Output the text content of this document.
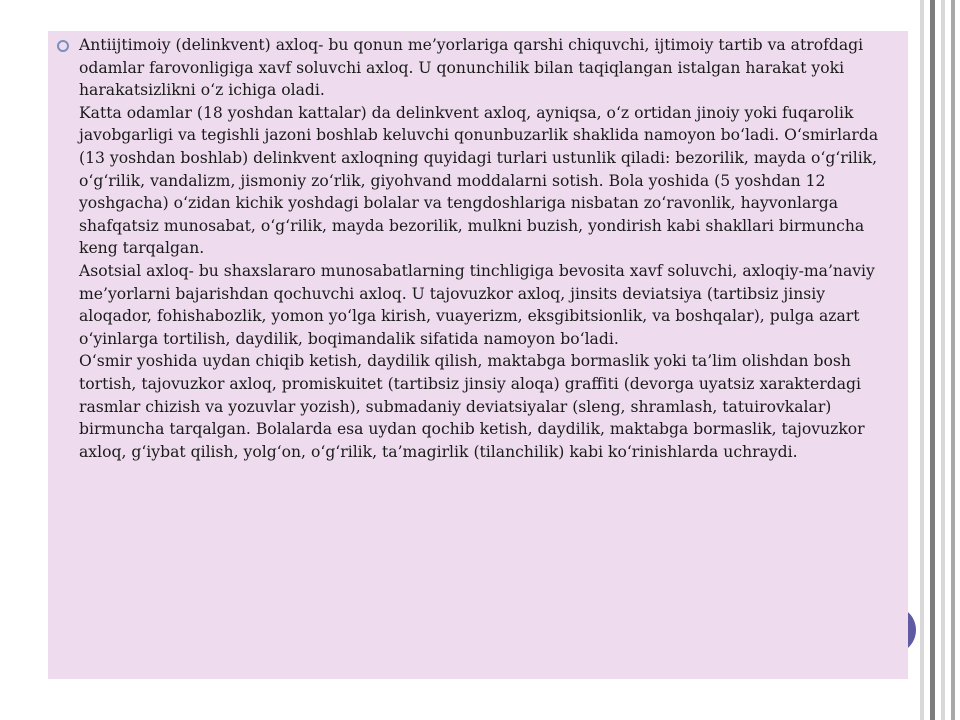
Antiijtimoiy (delinkvent) axloq- bu qonun me’yorlariga qarshi chiquvchi, ijtimoiy tartib va atrofdagi odamlar farovonligiga xavf soluvchi axloq. U qonunchilik bilan taqiqlangan istalgan harakat yoki harakatsizlikni o‘z ichiga oladi.
Katta odamlar (18 yoshdan kattalar) da delinkvent axloq, ayniqsa, o‘z ortidan jinoiy yoki fuqarolik javobgarligi va tegishli jazoni boshlab keluvchi qonunbuzarlik shaklida namoyon bo‘ladi. O‘smirlarda (13 yoshdan boshlab) delinkvent axloqning quyidagi turlari ustunlik qiladi: bezorilik, mayda o‘g‘rilik, o‘g‘rilik, vandalizm, jismoniy zo‘rlik, giyohvand moddalarni sotish. Bola yoshida (5 yoshdan 12 yoshgacha) o‘zidan kichik yoshdagi bolalar va tengdoshlariga nisbatan zo‘ravonlik, hayvonlarga shafqatsiz munosabat, o‘g‘rilik, mayda bezorilik, mulkni buzish, yondirish kabi shakllari birmuncha keng tarqalgan.
Asotsial axloq- bu shaxslararo munosabatlarning tinchligiga bevosita xavf soluvchi, axloqiy-ma’naviy me’yorlarni bajarishdan qochuvchi axloq. U tajovuzkor axloq, jinsits deviatsiya (tartibsiz jinsiy aloqador, fohishabozlik, yomon yo‘lga kirish, vuayerizm, eksgibitsionlik, va boshqalar), pulga azart o‘yinlarga tortilish, daydilik, boqimandalik sifatida namoyon bo‘ladi.
O‘smir yoshida uydan chiqib ketish, daydilik qilish, maktabga bormaslik yoki ta’lim olishdan bosh tortish, tajovuzkor axloq, promiskuitet (tartibsiz jinsiy aloqa) graffiti (devorga uyatsiz xarakterdagi rasmlar chizish va yozuvlar yozish), submadaniy deviatsiyalar (sleng, shramlash, tatuirovkalar) birmuncha tarqalgan. Bolalarda esa uydan qochib ketish, daydilik, maktabga bormaslik, tajovuzkor axloq, g‘iybat qilish, yolg‘on, o‘g‘rilik, ta’magirlik (tilanchilik) kabi ko‘rinishlarda uchraydi.
